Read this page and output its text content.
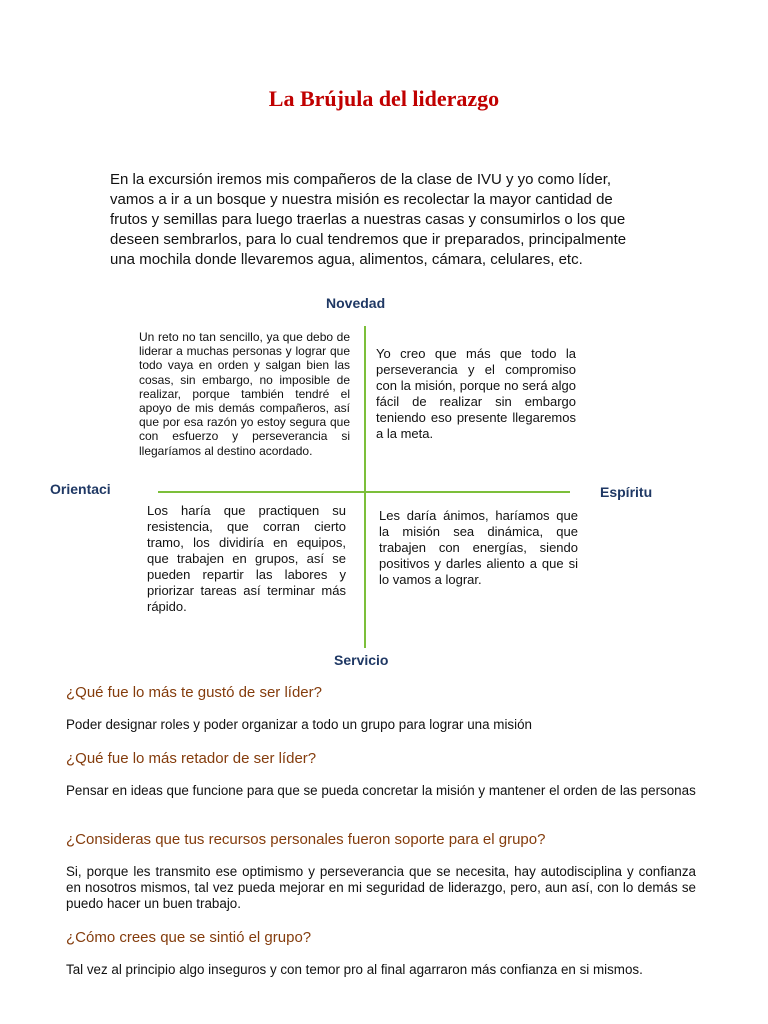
La Brújula del liderazgo
En la excursión iremos mis compañeros de la clase de IVU y yo como líder, vamos a ir a un bosque y nuestra misión es recolectar la mayor cantidad de frutos y semillas para luego traerlas a nuestras casas y consumirlos o los que deseen sembrarlos, para lo cual tendremos que ir preparados, principalmente una mochila donde llevaremos agua, alimentos, cámara, celulares, etc.
Novedad
Orientaci	Espíritu
Servicio
Un reto no tan sencillo, ya que debo de liderar a muchas personas y lograr que todo vaya en orden y salgan bien las cosas, sin embargo, no imposible de realizar, porque también tendré el apoyo de mis demás compañeros, así que por esa razón yo estoy segura que con esfuerzo y perseverancia si llegaríamos al destino acordado.
Yo creo que más que todo la perseverancia y el compromiso con la misión, porque no será algo fácil de realizar sin embargo teniendo eso presente llegaremos a la meta.
Los haría que practiquen su resistencia, que corran cierto tramo, los dividiría en equipos, que trabajen en grupos, así se pueden repartir las labores y priorizar tareas así terminar más rápido.
Les daría ánimos, haríamos que la misión sea dinámica, que trabajen con energías, siendo positivos y darles aliento a que si lo vamos a lograr.
¿Qué fue lo más te gustó de ser líder?
Poder designar roles y poder organizar a todo un grupo para lograr una misión
¿Qué fue lo más retador de ser líder?
Pensar en ideas que funcione para que se pueda concretar la misión y mantener el orden de las personas
¿Consideras que tus recursos personales fueron soporte para el grupo?
Si, porque les transmito ese optimismo y perseverancia que se necesita, hay autodisciplina y confianza en nosotros mismos, tal vez pueda mejorar en mi seguridad de liderazgo, pero, aun así, con lo demás se puedo hacer un buen trabajo.
¿Cómo crees que se sintió el grupo?
Tal vez al principio algo inseguros y con temor pro al final agarraron más confianza en si mismos.
